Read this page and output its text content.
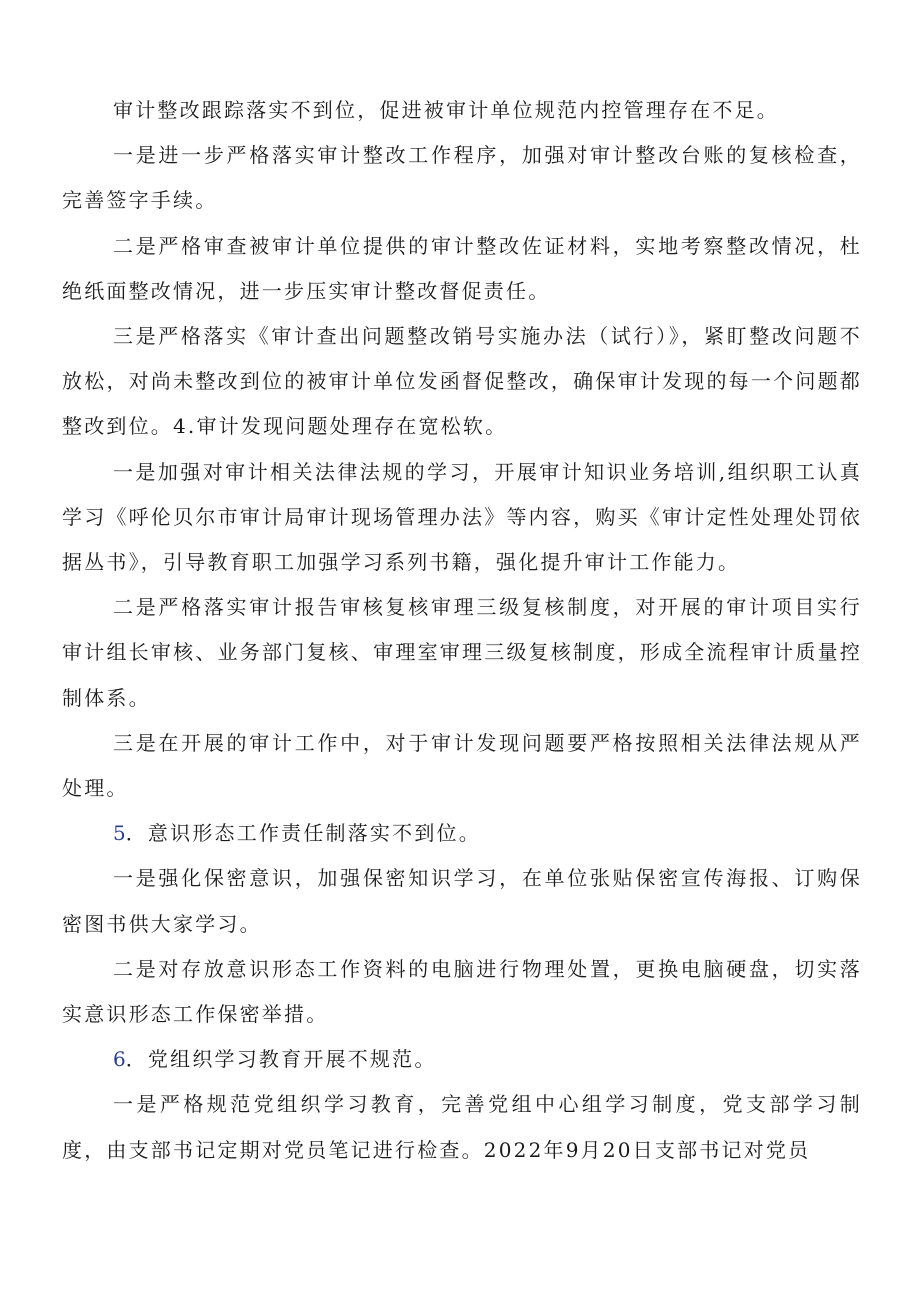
审计整改跟踪落实不到位，促进被审计单位规范内控管理存在不足。

一是进一步严格落实审计整改工作程序，加强对审计整改台账的复核检查，完善签字手续。

二是严格审查被审计单位提供的审计整改佐证材料，实地考察整改情况，杜绝纸面整改情况，进一步压实审计整改督促责任。

三是严格落实《审计查出问题整改销号实施办法（试行）》，紧盯整改问题不放松，对尚未整改到位的被审计单位发函督促整改，确保审计发现的每一个问题都整改到位。4.审计发现问题处理存在宽松软。

一是加强对审计相关法律法规的学习，开展审计知识业务培训,组织职工认真学习《呼伦贝尔市审计局审计现场管理办法》等内容，购买《审计定性处理处罚依据丛书》，引导教育职工加强学习系列书籍，强化提升审计工作能力。

二是严格落实审计报告审核复核审理三级复核制度，对开展的审计项目实行审计组长审核、业务部门复核、审理室审理三级复核制度，形成全流程审计质量控制体系。

三是在开展的审计工作中，对于审计发现问题要严格按照相关法律法规从严处理。

5．意识形态工作责任制落实不到位。

一是强化保密意识，加强保密知识学习，在单位张贴保密宣传海报、订购保密图书供大家学习。

二是对存放意识形态工作资料的电脑进行物理处置，更换电脑硬盘，切实落实意识形态工作保密举措。

6．党组织学习教育开展不规范。

一是严格规范党组织学习教育，完善党组中心组学习制度，党支部学习制度，由支部书记定期对党员笔记进行检查。2022年9月20日支部书记对党员
